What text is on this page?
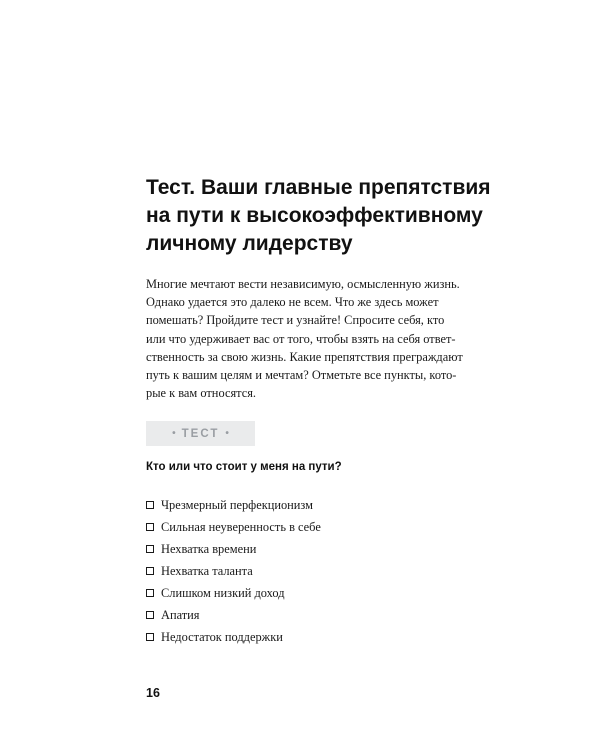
Тест. Ваши главные препятствия
на пути к высокоэффективному
личному лидерству

Многие мечтают вести независимую, осмысленную жизнь.
Однако удается это далеко не всем. Что же здесь может
помешать? Пройдите тест и узнайте! Спросите себя, кто
или что удерживает вас от того, чтобы взять на себя ответ-
ственность за свою жизнь. Какие препятствия преграждают
путь к вашим целям и мечтам? Отметьте все пункты, кото-
рые к вам относятся.

• ТЕСТ •

Кто или что стоит у меня на пути?

Чрезмерный перфекционизм
Сильная неуверенность в себе
Нехватка времени
Нехватка таланта
Слишком низкий доход
Апатия
Недостаток поддержки
16
